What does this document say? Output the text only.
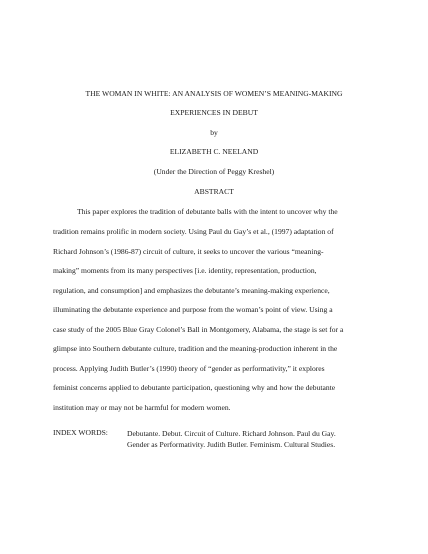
THE WOMAN IN WHITE: AN ANALYSIS OF WOMEN’S MEANING-MAKING
EXPERIENCES IN DEBUT
by
ELIZABETH C. NEELAND
(Under the Direction of Peggy Kreshel)
ABSTRACT
This paper explores the tradition of debutante balls with the intent to uncover why the
tradition remains prolific in modern society. Using Paul du Gay’s et al., (1997) adaptation of
Richard Johnson’s (1986-87) circuit of culture, it seeks to uncover the various “meaning-
making” moments from its many perspectives [i.e. identity, representation, production,
regulation, and consumption] and emphasizes the debutante’s meaning-making experience,
illuminating the debutante experience and purpose from the woman’s point of view. Using a
case study of the 2005 Blue Gray Colonel’s Ball in Montgomery, Alabama, the stage is set for a
glimpse into Southern debutante culture, tradition and the meaning-production inherent in the
process. Applying Judith Butler’s (1990) theory of “gender as performativity,” it explores
feminist concerns applied to debutante participation, questioning why and how the debutante
institution may or may not be harmful for modern women.
INDEX WORDS:	Debutante. Debut. Circuit of Culture. Richard Johnson. Paul du Gay.
Gender as Performativity. Judith Butler. Feminism. Cultural Studies.
